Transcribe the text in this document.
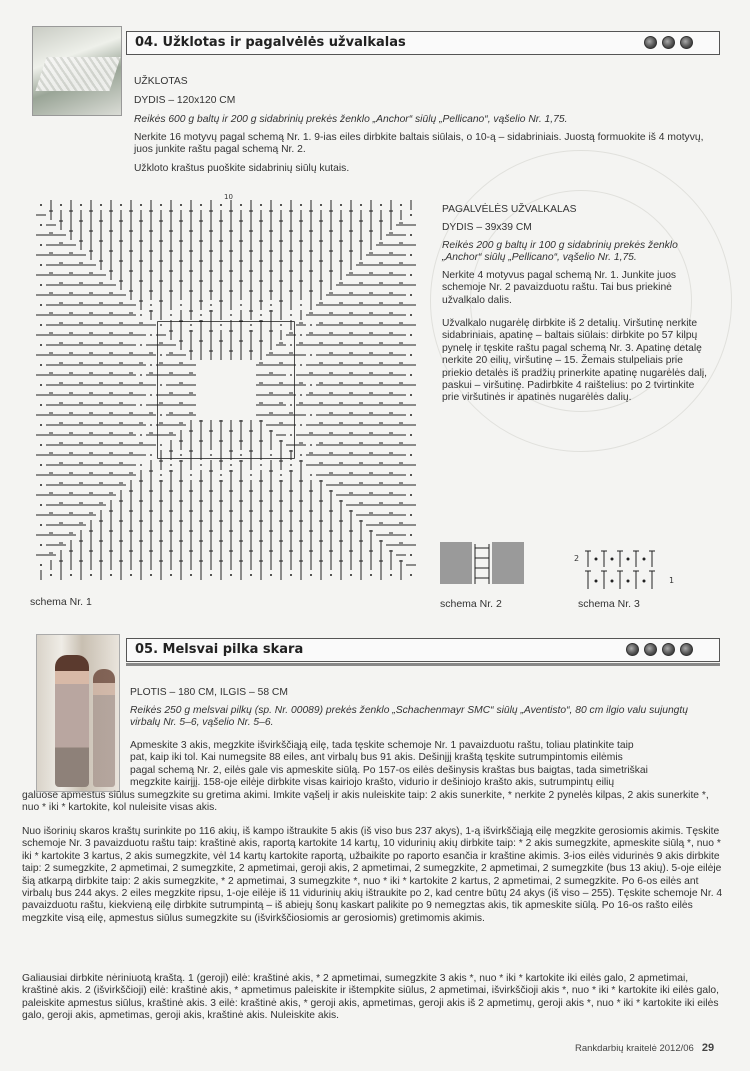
04. Užklotas ir pagalvėlės užvalkalas
UŽKLOTAS
DYDIS – 120x120 CM
Reikės 600 g baltų ir 200 g sidabrinių prekės ženklo „Anchor“ siūlų „Pellicano“, vąšelio Nr. 1,75.
Nerkite 16 motyvų pagal schemą Nr. 1. 9-ias eiles dirbkite baltais siūlais, o 10-ą – sidabriniais. Juostą formuokite iš 4 motyvų, juos junkite raštu pagal schemą Nr. 2.
Užkloto kraštus puoškite sidabrinių siūlų kutais.
10
schema Nr. 1
PAGALVĖLĖS UŽVALKALAS
DYDIS – 39x39 CM
Reikės 200 g baltų ir 100 g sidabrinių prekės ženklo „Anchor“ siūlų „Pellicano“, vąšelio Nr. 1,75.
Nerkite 4 motyvus pagal schemą Nr. 1. Junkite juos schemoje Nr. 2 pavaizduotu raštu. Tai bus priekinė užvalkalo dalis.
Užvalkalo nugarėlę dirbkite iš 2 detalių. Viršutinę nerkite sidabriniais, apatinę – baltais siūlais: dirbkite po 57 kilpų pynelę ir tęskite raštu pagal schemą Nr. 3. Apatinę detalę nerkite 20 eilių, viršutinę – 15. Žemais stulpeliais prie priekio detalės iš pradžių prinerkite apatinę nugarėlės dalį, paskui – viršutinę. Padirbkite 4 raištelius: po 2 tvirtinkite prie viršutinės ir apatinės nugarėlės dalių.
schema Nr. 2
2
1
schema Nr. 3
05. Melsvai pilka skara
PLOTIS – 180 CM, ILGIS – 58 CM
Reikės 250 g melsvai pilkų (sp. Nr. 00089) prekės ženklo „Schachenmayr SMC“ siūlų „Aventisto“, 80 cm ilgio valu sujungtų virbalų Nr. 5–6, vąšelio Nr. 5–6.
Apmeskite 3 akis, megzkite išvirkščiąją eilę, tada tęskite schemoje Nr. 1 pavaizduotu raštu, toliau platinkite taip
pat, kaip iki tol. Kai numegsite 88 eiles, ant virbalų bus 91 akis. Dešinįjį kraštą tęskite sutrumpintomis eilėmis
pagal schemą Nr. 2, eilės gale vis apmeskite siūlą. Po 157-os eilės dešinysis kraštas bus baigtas, tada simetriškai
megzkite kairįjį. 158-oje eilėje dirbkite visas kairiojo krašto, vidurio ir dešiniojo krašto akis, sutrumpintų eilių
galuose apmestus siūlus sumegzkite su gretima akimi. Imkite vąšelį ir akis nuleiskite taip: 2 akis sunerkite, * nerkite 2 pynelės kilpas, 2 akis sunerkite *, nuo * iki * kartokite, kol nuleisite visas akis.
Nuo išorinių skaros kraštų surinkite po 116 akių, iš kampo ištraukite 5 akis (iš viso bus 237 akys), 1-ą išvirkščiąją eilę megzkite gerosiomis akimis. Tęskite schemoje Nr. 3 pavaizduotu raštu taip: kraštinė akis, raportą kartokite 14 kartų, 10 vidurinių akių dirbkite taip: * 2 akis sumegzkite, apmeskite siūlą *, nuo * iki * kartokite 3 kartus, 2 akis sumegzkite, vėl 14 kartų kartokite raportą, užbaikite po raporto esančia ir kraštine akimis. 3-ios eilės vidurinės 9 akis dirbkite taip: 2 sumegzkite, 2 apmetimai, 2 sumegzkite, 2 apmetimai, geroji akis, 2 apmetimai, 2 sumegzkite, 2 apmetimai, 2 sumegzkite (bus 13 akių). 5-oje eilėje šią atkarpą dirbkite taip: 2 akis sumegzkite, * 2 apmetimai, 3 sumegzkite *, nuo * iki * kartokite 2 kartus, 2 apmetimai, 2 sumegzkite. Po 6-os eilės ant virbalų bus 244 akys. 2 eiles megzkite ripsu, 1-oje eilėje iš 11 vidurinių akių ištraukite po 2, kad centre būtų 24 akys (iš viso – 255). Tęskite schemoje Nr. 4 pavaizduotu raštu, kiekvieną eilę dirbkite sutrumpintą – iš abiejų šonų kaskart palikite po 9 nemegztas akis, tik apmeskite siūlą. Po 16-os rašto eilės megzkite visą eilę, apmestus siūlus sumegzkite su (išvirkščiosiomis ar gerosiomis) gretimomis akimis.
Galiausiai dirbkite nėriniuotą kraštą. 1 (geroji) eilė: kraštinė akis, * 2 apmetimai, sumegzkite 3 akis *, nuo * iki * kartokite iki eilės galo, 2 apmetimai, kraštinė akis. 2 (išvirkščioji) eilė: kraštinė akis, * apmetimus paleiskite ir ištempkite siūlus, 2 apmetimai, išvirkščioji akis *, nuo * iki * kartokite iki eilės galo, paleiskite apmestus siūlus, kraštinė akis. 3 eilė: kraštinė akis, * geroji akis, apmetimas, geroji akis iš 2 apmetimų, geroji akis *, nuo * iki * kartokite iki eilės galo, geroji akis, apmetimas, geroji akis, kraštinė akis. Nuleiskite akis.
Rankdarbių kraitelė 2012/06 29
